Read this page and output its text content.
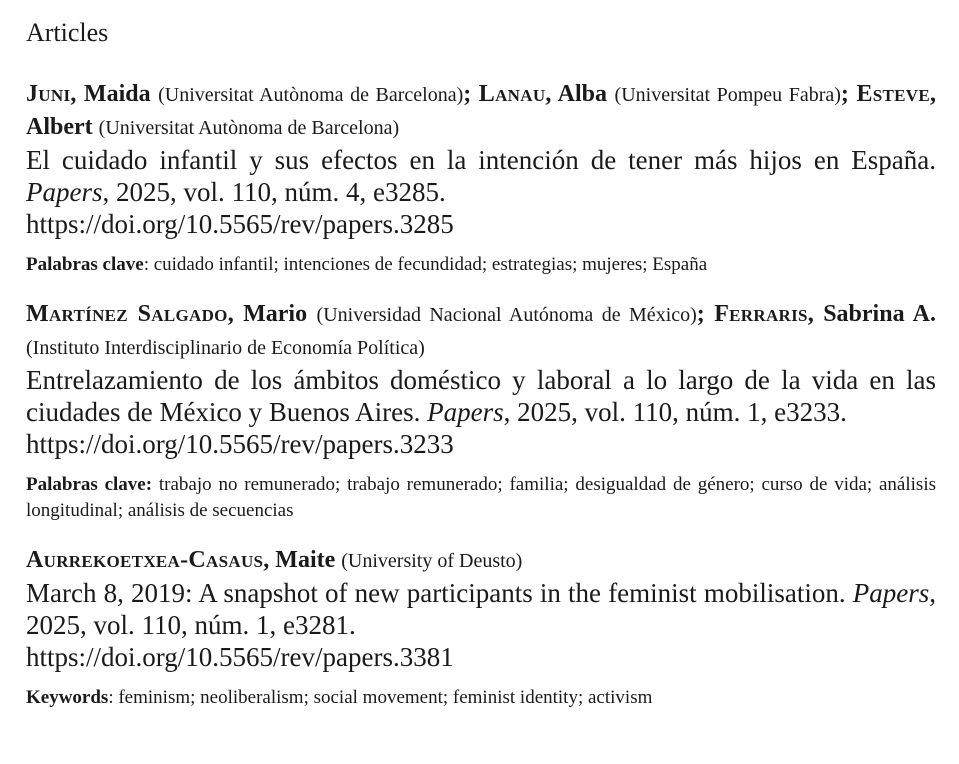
Articles
Juni, Maida (Universitat Autònoma de Barcelona); Lanau, Alba (Universitat Pompeu Fabra); Esteve, Albert (Universitat Autònoma de Barcelona)
El cuidado infantil y sus efectos en la intención de tener más hijos en España. Papers, 2025, vol. 110, núm. 4, e3285.
https://doi.org/10.5565/rev/papers.3285
Palabras clave: cuidado infantil; intenciones de fecundidad; estrategias; mujeres; España
Martínez Salgado, Mario (Universidad Nacional Autónoma de México); Ferraris, Sabrina A. (Instituto Interdisciplinario de Economía Política)
Entrelazamiento de los ámbitos doméstico y laboral a lo largo de la vida en las ciudades de México y Buenos Aires. Papers, 2025, vol. 110, núm. 1, e3233.
https://doi.org/10.5565/rev/papers.3233
Palabras clave: trabajo no remunerado; trabajo remunerado; familia; desigualdad de género; curso de vida; análisis longitudinal; análisis de secuencias
Aurrekoetxea-Casaus, Maite (University of Deusto)
March 8, 2019: A snapshot of new participants in the feminist mobilisation. Papers, 2025, vol. 110, núm. 1, e3281.
https://doi.org/10.5565/rev/papers.3381
Keywords: feminism; neoliberalism; social movement; feminist identity; activism
